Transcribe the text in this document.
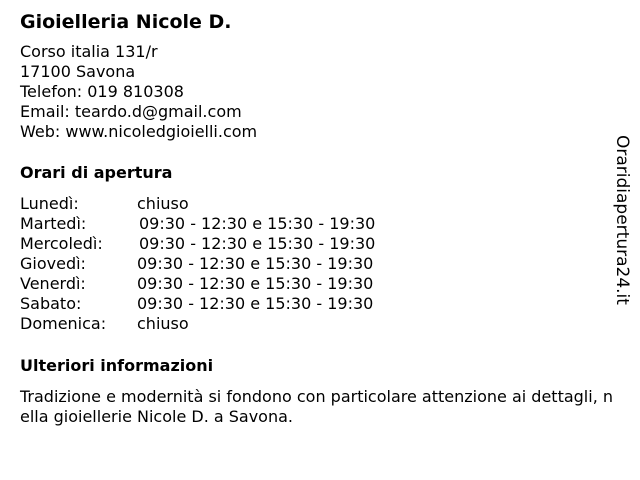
Gioielleria Nicole D.
Corso italia 131/r
17100 Savona
Telefon: 019 810308
Email: teardo.d@gmail.com
Web: www.nicoledgioielli.com
Orari di apertura
Lunedì:	chiuso
Martedì:	09:30 - 12:30 e 15:30 - 19:30
Mercoledì: 09:30 - 12:30 e 15:30 - 19:30
Giovedì:	09:30 - 12:30 e 15:30 - 19:30
Venerdì:	09:30 - 12:30 e 15:30 - 19:30
Sabato:	09:30 - 12:30 e 15:30 - 19:30
Domenica: chiuso
Ulteriori informazioni
Tradizione e modernità si fondono con particolare attenzione ai dettagli, nella gioiellerie Nicole D. a Savona.
Oraridiapertura24.it
